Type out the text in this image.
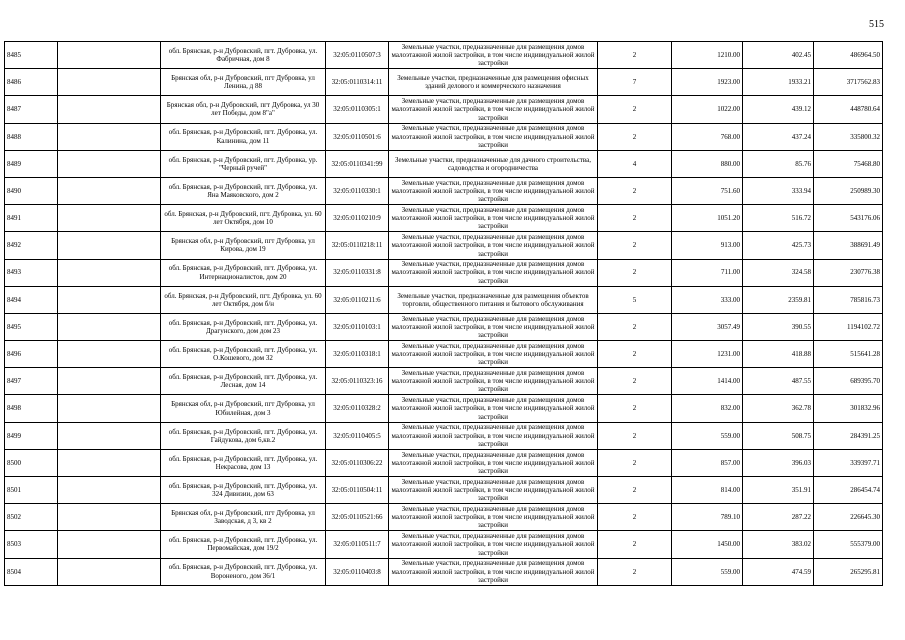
515
8485		обл. Брянская, р-н Дубровский, пгт. Дубровка, ул. Фабричная, дом 8	32:05:0110507:3	Земельные участки, предназначенные для размещения домов малоэтажной жилой застройки, в том числе индивидуальной жилой застройки	2	1210.00	402.45	486964.50
8486		Брянская обл, р-н Дубровский, пгт Дубровка, ул Ленина, д 88	32:05:0110314:11	Земельные участки, предназначенные для размещения офисных зданий делового и коммерческого назначения	7	1923.00	1933.21	3717562.83
8487		Брянская обл, р-н Дубровский, пгт Дубровка, ул 30 лет Победы, дом 8"а"	32:05:0110305:1	Земельные участки, предназначенные для размещения домов малоэтажной жилой застройки, в том числе индивидуальной жилой застройки	2	1022.00	439.12	448780.64
8488		обл. Брянская, р-н Дубровский, пгт. Дубровка, ул. Калинина, дом 11	32:05:0110501:6	Земельные участки, предназначенные для размещения домов малоэтажной жилой застройки, в том числе индивидуальной жилой застройки	2	768.00	437.24	335800.32
8489		обл. Брянская, р-н Дубровский, пгт. Дубровка, ур. "Черный ручей"	32:05:0110341:99	Земельные участки, предназначенные для дачного строительства, садоводства и огородничества	4	880.00	85.76	75468.80
8490		обл. Брянская, р-н Дубровский, пгт. Дубровка, ул. Яна Маяковского, дом 2	32:05:0110330:1	Земельные участки, предназначенные для размещения домов малоэтажной жилой застройки, в том числе индивидуальной жилой застройки	2	751.60	333.94	250989.30
8491		обл. Брянская, р-н Дубровский, пгт. Дубровка, ул. 60 лет Октября, дом 10	32:05:0110210:9	Земельные участки, предназначенные для размещения домов малоэтажной жилой застройки, в том числе индивидуальной жилой застройки	2	1051.20	516.72	543176.06
8492		Брянская обл, р-н Дубровский, пгт Дубровка, ул Кирова, дом 19	32:05:0110218:11	Земельные участки, предназначенные для размещения домов малоэтажной жилой застройки, в том числе индивидуальной жилой застройки	2	913.00	425.73	388691.49
8493		обл. Брянская, р-н Дубровский, пгт. Дубровка, ул. Интернационалистов, дом 20	32:05:0110331:8	Земельные участки, предназначенные для размещения домов малоэтажной жилой застройки, в том числе индивидуальной жилой застройки	2	711.00	324.58	230776.38
8494		обл. Брянская, р-н Дубровский, пгт. Дубровка, ул. 60 лет Октября, дом б/н	32:05:0110211:6	Земельные участки, предназначенные для размещения объектов торговли, общественного питания и бытового обслуживания	5	333.00	2359.81	785816.73
8495		обл. Брянская, р-н Дубровский, пгт. Дубровка, ул. Драгунского, дом дом 23	32:05:0110103:1	Земельные участки, предназначенные для размещения домов малоэтажной жилой застройки, в том числе индивидуальной жилой застройки	2	3057.49	390.55	1194102.72
8496		обл. Брянская, р-н Дубровский, пгт. Дубровка, ул. О.Кошевого, дом 32	32:05:0110318:1	Земельные участки, предназначенные для размещения домов малоэтажной жилой застройки, в том числе индивидуальной жилой застройки	2	1231.00	418.88	515641.28
8497		обл. Брянская, р-н Дубровский, пгт. Дубровка, ул. Лесная, дом 14	32:05:0110323:16	Земельные участки, предназначенные для размещения домов малоэтажной жилой застройки, в том числе индивидуальной жилой застройки	2	1414.00	487.55	689395.70
8498		Брянская обл, р-н Дубровский, пгт Дубровка, ул Юбилейная, дом 3	32:05:0110328:2	Земельные участки, предназначенные для размещения домов малоэтажной жилой застройки, в том числе индивидуальной жилой застройки	2	832.00	362.78	301832.96
8499		обл. Брянская, р-н Дубровский, пгт. Дубровка, ул. Гайдукова, дом 6,кв.2	32:05:0110405:5	Земельные участки, предназначенные для размещения домов малоэтажной жилой застройки, в том числе индивидуальной жилой застройки	2	559.00	508.75	284391.25
8500		обл. Брянская, р-н Дубровский, пгт. Дубровка, ул. Некрасова, дом 13	32:05:0110306:22	Земельные участки, предназначенные для размещения домов малоэтажной жилой застройки, в том числе индивидуальной жилой застройки	2	857.00	396.03	339397.71
8501		обл. Брянская, р-н Дубровский, пгт. Дубровка, ул. 324 Дивизии, дом 63	32:05:0110504:11	Земельные участки, предназначенные для размещения домов малоэтажной жилой застройки, в том числе индивидуальной жилой застройки	2	814.00	351.91	286454.74
8502		Брянская обл, р-н Дубровский, пгт Дубровка, ул Заводская, д 3, кв 2	32:05:0110521:66	Земельные участки, предназначенные для размещения домов малоэтажной жилой застройки, в том числе индивидуальной жилой застройки	2	789.10	287.22	226645.30
8503		обл. Брянская, р-н Дубровский, пгт. Дубровка, ул. Первомайская, дом 19/2	32:05:0110511:7	Земельные участки, предназначенные для размещения домов малоэтажной жилой застройки, в том числе индивидуальной жилой застройки	2	1450.00	383.02	555379.00
8504		обл. Брянская, р-н Дубровский, пгт. Дубровка, ул. Вороненого, дом 36/1	32:05:0110403:8	Земельные участки, предназначенные для размещения домов малоэтажной жилой застройки, в том числе индивидуальной жилой застройки	2	559.00	474.59	265295.81
